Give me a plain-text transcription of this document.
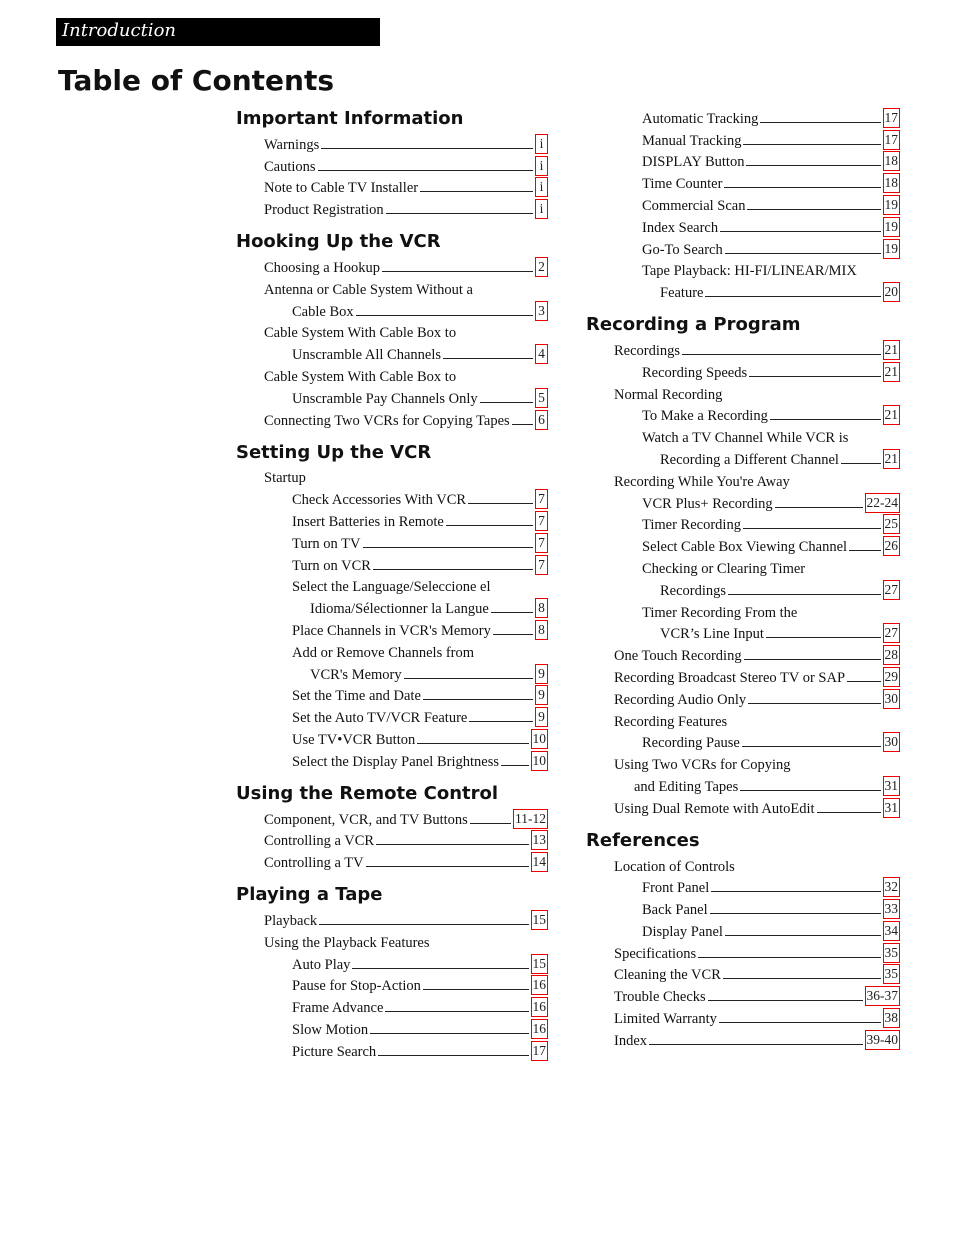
Introduction
Table of Contents
Important Information
Warnings	i
Cautions	i
Note to Cable TV Installer	i
Product Registration	i
Hooking Up the VCR
Choosing a Hookup	2
Antenna or Cable System Without a
Cable Box	3
Cable System With Cable Box to
Unscramble All Channels	4
Cable System With Cable Box to
Unscramble Pay Channels Only	5
Connecting Two VCRs for Copying Tapes 6
Setting Up the VCR
Startup
Check Accessories With VCR	7
Insert Batteries in Remote	7
Turn on TV	7
Turn on VCR	7
Select the Language/Seleccione el
Idioma/Sélectionner la Langue	8
Place Channels in VCR's Memory	8
Add or Remove Channels from
VCR's Memory	9
Set the Time and Date	9
Set the Auto TV/VCR Feature	9
Use TV•VCR Button	10
Select the Display Panel Brightness 10
Using the Remote Control
Component, VCR, and TV Buttons	11-12
Controlling a VCR	13
Controlling a TV	14
Playing a Tape
Playback	15
Using the Playback Features
Auto Play	15
Pause for Stop-Action	16
Frame Advance	16
Slow Motion	16
Picture Search	17
Automatic Tracking	17
Manual Tracking	17
DISPLAY Button	18
Time Counter	18
Commercial Scan	19
Index Search	19
Go-To Search	19
Tape Playback: HI-FI/LINEAR/MIX
Feature	20
Recording a Program
Recordings	21
Recording Speeds	21
Normal Recording
To Make a Recording	21
Watch a TV Channel While VCR is
Recording a Different Channel	21
Recording While You're Away
VCR Plus+ Recording	22-24
Timer Recording	25
Select Cable Box Viewing Channel	26
Checking or Clearing Timer
Recordings	27
Timer Recording From the
VCR’s Line Input	27
One Touch Recording	28
Recording Broadcast Stereo TV or SAP	29
Recording Audio Only	30
Recording Features
Recording Pause	30
Using Two VCRs for Copying
and Editing Tapes	31
Using Dual Remote with AutoEdit	31
References
Location of Controls
Front Panel	32
Back Panel	33
Display Panel	34
Specifications	35
Cleaning the VCR	35
Trouble Checks	36-37
Limited Warranty	38
Index	39-40
